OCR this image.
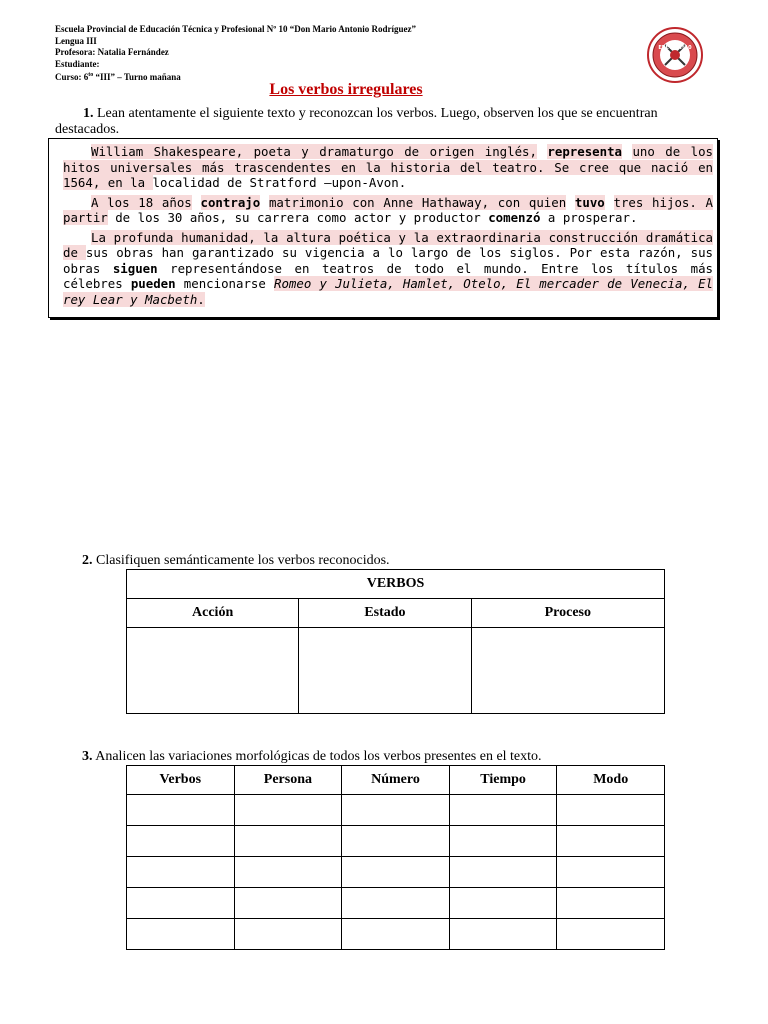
Escuela Provincial de Educación Técnica y Profesional Nº 10 “Don Mario Antonio Rodríguez”
Lengua III
Profesora: Natalia Fernández
Estudiante:
Curso: $6^{to}$ “III” – Turno mañana
EPETP Nº10
Los verbos irregulares
1. Lean atentamente el siguiente texto y reconozcan los verbos. Luego, observen los que se encuentran destacados.

William Shakespeare, poeta y dramaturgo de origen inglés, representa uno de los hitos universales más trascendentes en la historia del teatro. Se cree que nació en 1564, en la localidad de Stratford –upon-Avon.

A los 18 años contrajo matrimonio con Anne Hathaway, con quien tuvo tres hijos. A partir de los 30 años, su carrera como actor y productor comenzó a prosperar.

La profunda humanidad, la altura poética y la extraordinaria construcción dramática de sus obras han garantizado su vigencia a lo largo de los siglos. Por esta razón, sus obras siguen representándose en teatros de todo el mundo. Entre los títulos más célebres pueden mencionarse Romeo y Julieta, Hamlet, Otelo, El mercader de Venecia, El rey Lear y Macbeth.

2. Clasifiquen semánticamente los verbos reconocidos.
VERBOS		
Acción	Estado	Proceso

3. Analicen las variaciones morfológicas de todos los verbos presentes en el texto.
Verbos	Persona	Número	Tiempo	Modo
